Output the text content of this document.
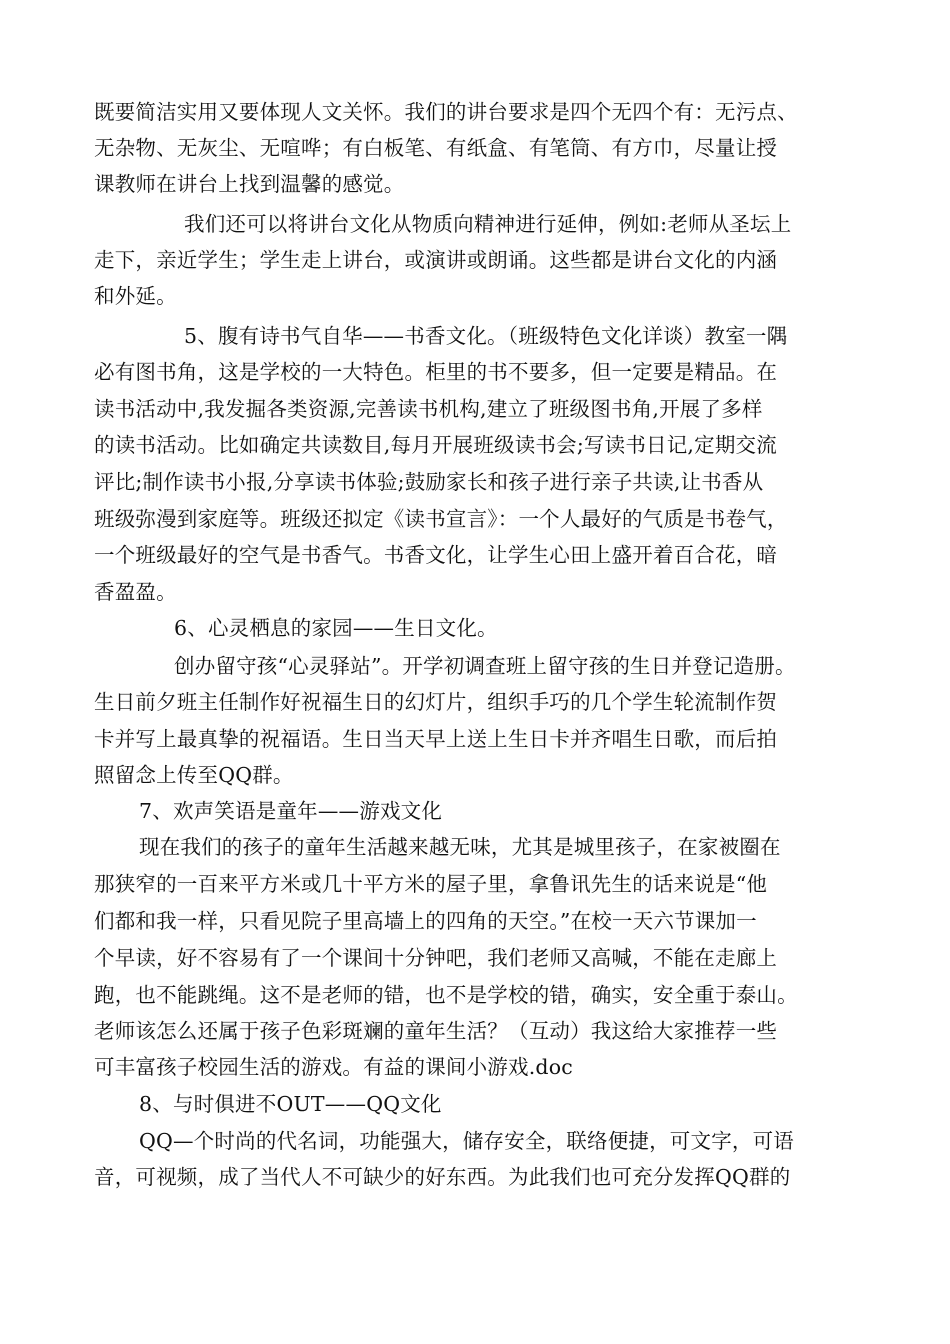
既要简洁实用又要体现人文关怀。我们的讲台要求是四个无四个有：无污点、
无杂物、无灰尘、无喧哗；有白板笔、有纸盒、有笔筒、有方巾，尽量让授
课教师在讲台上找到温馨的感觉。
我们还可以将讲台文化从物质向精神进行延伸，例如:老师从圣坛上
走下，亲近学生；学生走上讲台，或演讲或朗诵。这些都是讲台文化的内涵
和外延。
5、腹有诗书气自华——书香文化。（班级特色文化详谈）教室一隅
必有图书角，这是学校的一大特色。柜里的书不要多，但一定要是精品。在
读书活动中,我发掘各类资源,完善读书机构,建立了班级图书角,开展了多样
的读书活动。比如确定共读数目,每月开展班级读书会;写读书日记,定期交流
评比;制作读书小报,分享读书体验;鼓励家长和孩子进行亲子共读,让书香从
班级弥漫到家庭等。班级还拟定《读书宣言》：一个人最好的气质是书卷气，
一个班级最好的空气是书香气。书香文化，让学生心田上盛开着百合花，暗
香盈盈。
6、心灵栖息的家园——生日文化。
创办留守孩“心灵驿站”。开学初调查班上留守孩的生日并登记造册。
生日前夕班主任制作好祝福生日的幻灯片，组织手巧的几个学生轮流制作贺
卡并写上最真挚的祝福语。生日当天早上送上生日卡并齐唱生日歌，而后拍
照留念上传至QQ群。
7、欢声笑语是童年——游戏文化
现在我们的孩子的童年生活越来越无味，尤其是城里孩子，在家被圈在
那狭窄的一百来平方米或几十平方米的屋子里，拿鲁讯先生的话来说是“他
们都和我一样，只看见院子里高墙上的四角的天空。”在校一天六节课加一
个早读，好不容易有了一个课间十分钟吧，我们老师又高喊，不能在走廊上
跑，也不能跳绳。这不是老师的错，也不是学校的错，确实，安全重于泰山。
老师该怎么还属于孩子色彩斑斓的童年生活？（互动）我这给大家推荐一些
可丰富孩子校园生活的游戏。有益的课间小游戏.doc
8、与时俱进不OUT——QQ文化
QQ—个时尚的代名词，功能强大，储存安全，联络便捷，可文字，可语
音，可视频，成了当代人不可缺少的好东西。为此我们也可充分发挥QQ群的
